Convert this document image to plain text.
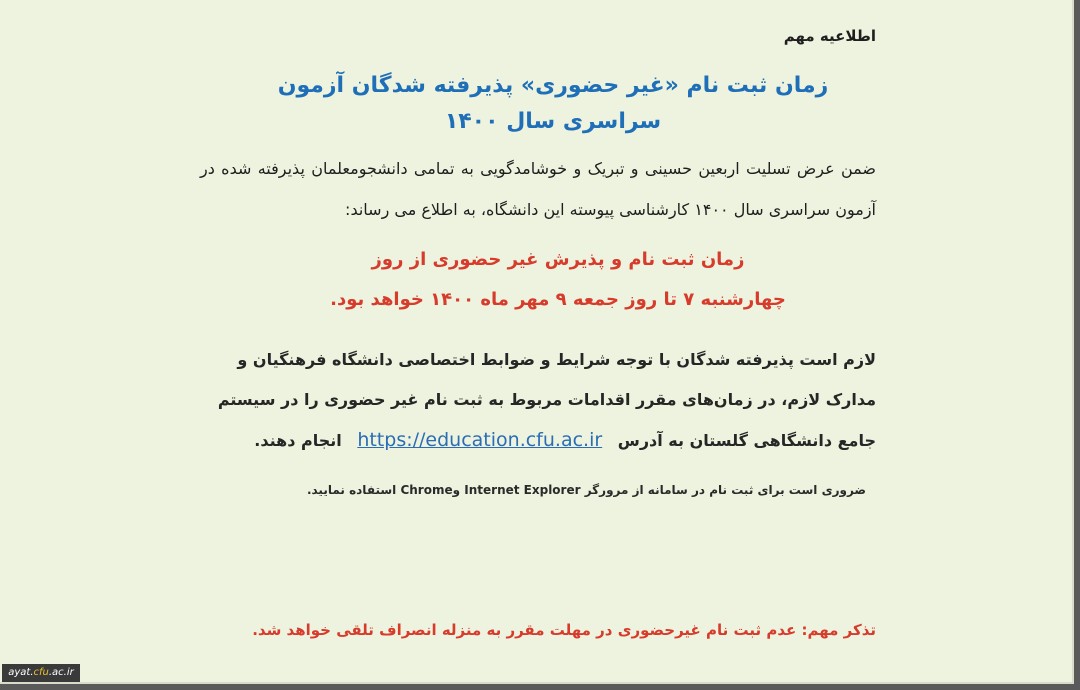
اطلاعیه مهم

زمان ثبت نام «غیر حضوری» پذیرفته شدگان آزمون سراسری سال ۱۴۰۰

ضمن عرض تسلیت اربعین حسینی و تبریک و خوشامدگویی به تمامی دانشجومعلمان پذیرفته شده در آزمون سراسری سال ۱۴۰۰ کارشناسی پیوسته این دانشگاه، به اطلاع می رساند:

زمان ثبت نام و پذیرش غیر حضوری از روز
چهارشنبه ۷ تا روز جمعه ۹ مهر ماه ۱۴۰۰ خواهد بود.

لازم است پذیرفته شدگان با توجه شرایط و ضوابط اختصاصی دانشگاه فرهنگیان و مدارک لازم، در زمان‌های مقرر اقدامات مربوط به ثبت نام غیر حضوری را در سیستم جامع دانشگاهی گلستان به آدرس https://education.cfu.ac.ir انجام دهند.

ضروری است برای ثبت نام در سامانه از مرورگر Internet Explorer وChrome استفاده نمایید.

تذکر مهم: عدم ثبت نام غیرحضوری در مهلت مقرر به منزله انصراف تلقی خواهد شد.
ayat.cfu.ac.ir
